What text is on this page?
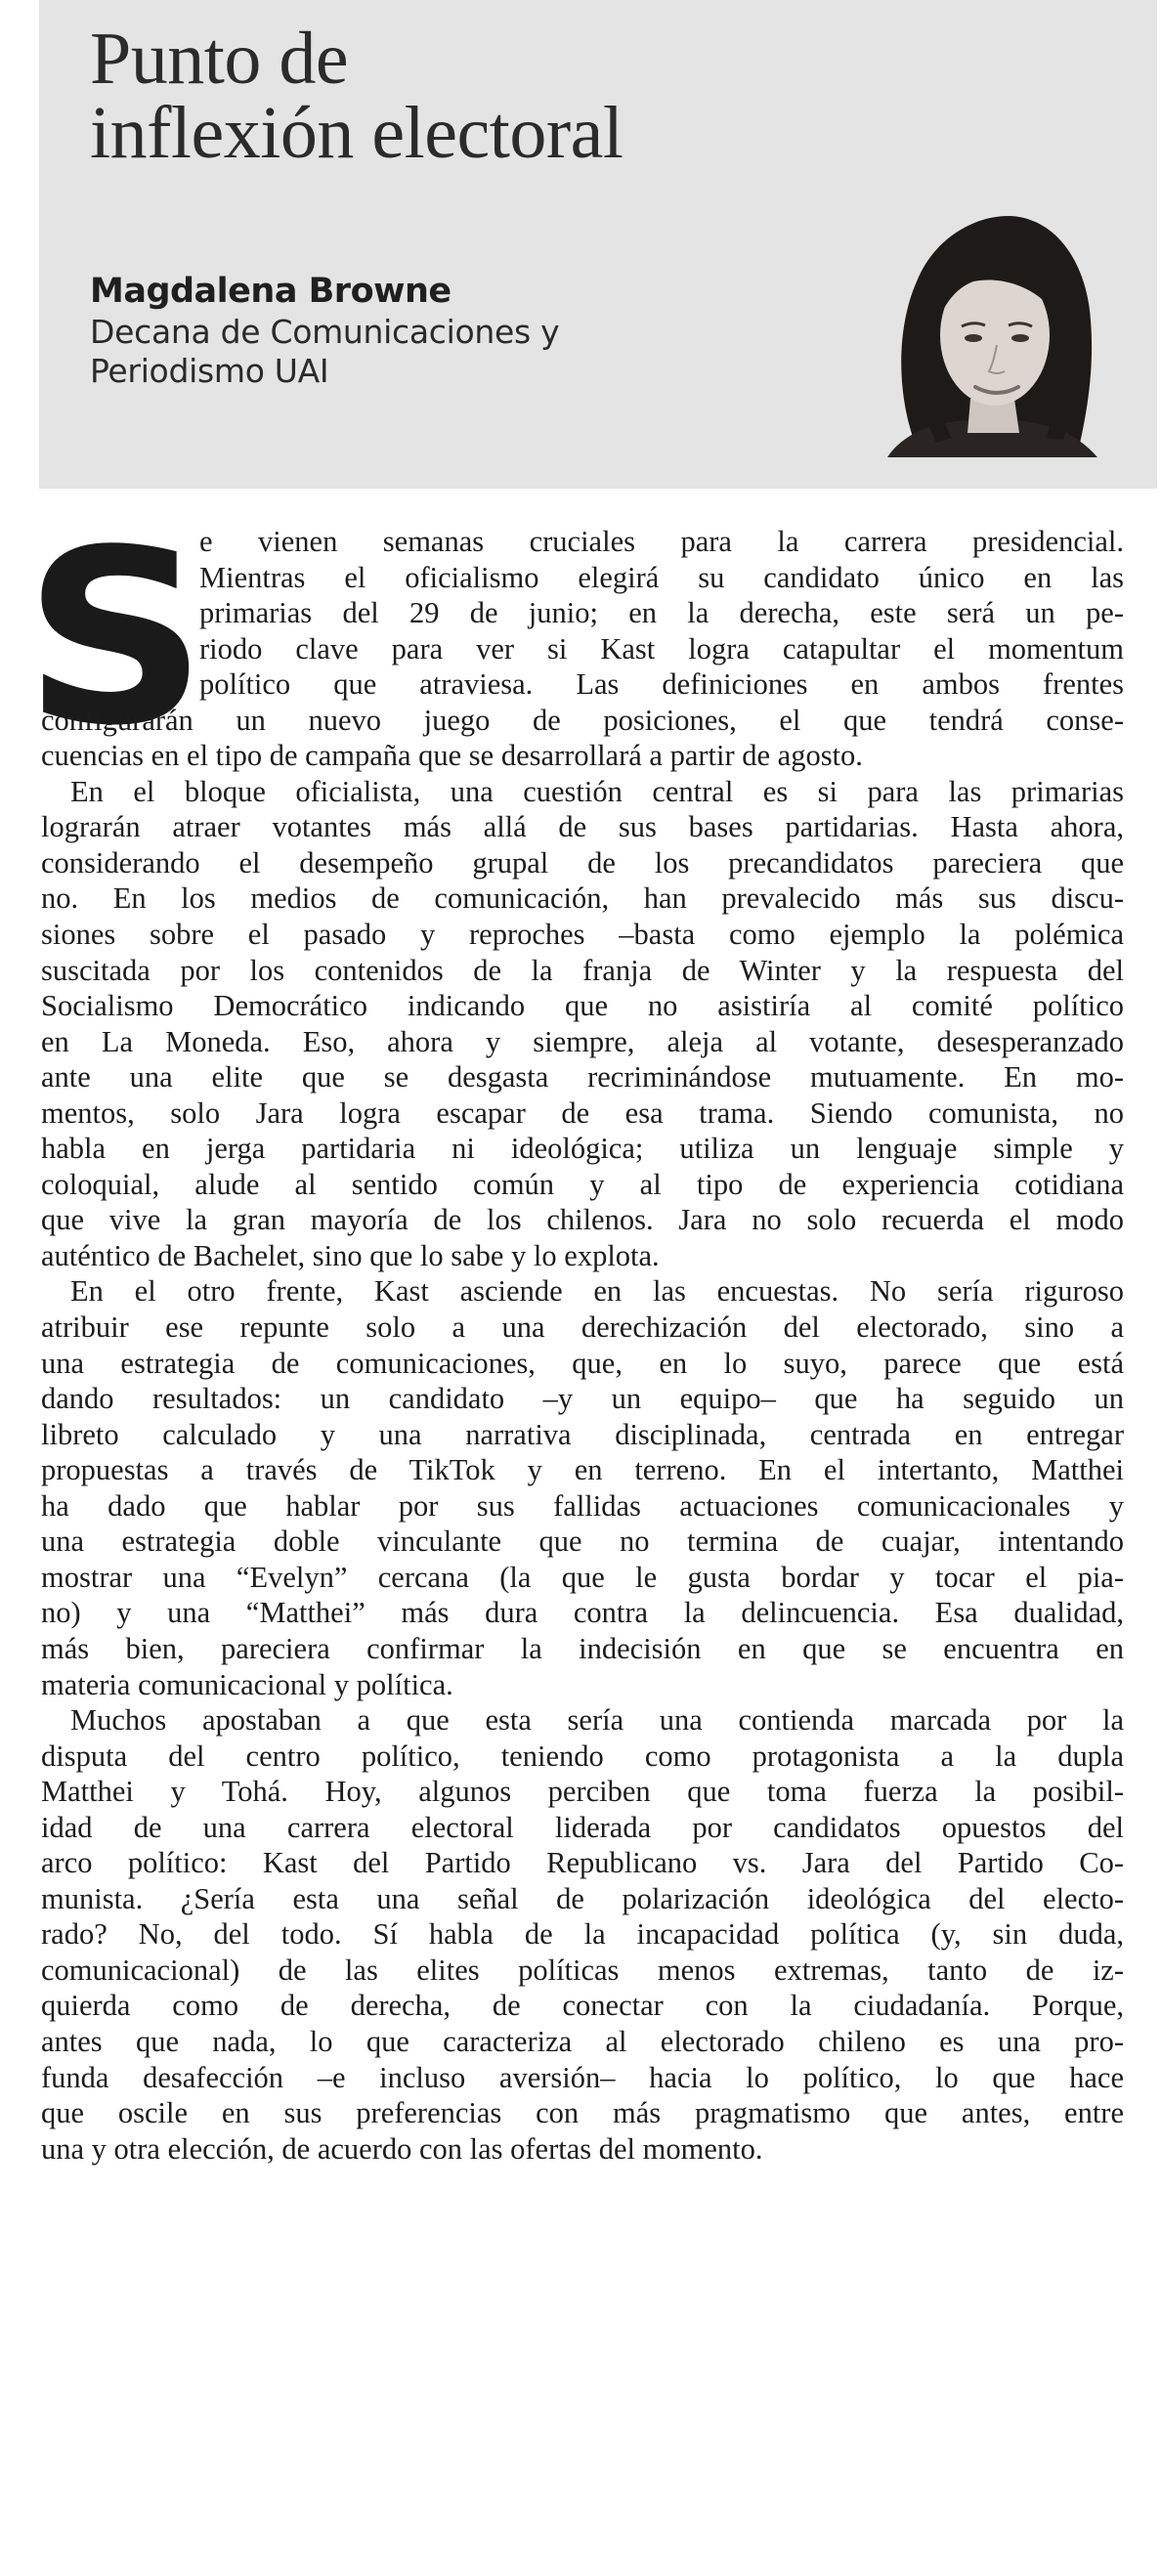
Punto de
inflexión electoral
Magdalena Browne
Decana de Comunicaciones y
Periodismo UAI
S
e vienen semanas cruciales para la carrera presidencial.
Mientras el oficialismo elegirá su candidato único en las
primarias del 29 de junio; en la derecha, este será un pe-
riodo clave para ver si Kast logra catapultar el momentum
político que atraviesa. Las definiciones en ambos frentes
configurarán un nuevo juego de posiciones, el que tendrá conse-
cuencias en el tipo de campaña que se desarrollará a partir de agosto.
En el bloque oficialista, una cuestión central es si para las primarias
lograrán atraer votantes más allá de sus bases partidarias. Hasta ahora,
considerando el desempeño grupal de los precandidatos pareciera que
no. En los medios de comunicación, han prevalecido más sus discu-
siones sobre el pasado y reproches –basta como ejemplo la polémica
suscitada por los contenidos de la franja de Winter y la respuesta del
Socialismo Democrático indicando que no asistiría al comité político
en La Moneda. Eso, ahora y siempre, aleja al votante, desesperanzado
ante una elite que se desgasta recriminándose mutuamente. En mo-
mentos, solo Jara logra escapar de esa trama. Siendo comunista, no
habla en jerga partidaria ni ideológica; utiliza un lenguaje simple y
coloquial, alude al sentido común y al tipo de experiencia cotidiana
que vive la gran mayoría de los chilenos. Jara no solo recuerda el modo
auténtico de Bachelet, sino que lo sabe y lo explota.
En el otro frente, Kast asciende en las encuestas. No sería riguroso
atribuir ese repunte solo a una derechización del electorado, sino a
una estrategia de comunicaciones, que, en lo suyo, parece que está
dando resultados: un candidato –y un equipo– que ha seguido un
libreto calculado y una narrativa disciplinada, centrada en entregar
propuestas a través de TikTok y en terreno. En el intertanto, Matthei
ha dado que hablar por sus fallidas actuaciones comunicacionales y
una estrategia doble vinculante que no termina de cuajar, intentando
mostrar una “Evelyn” cercana (la que le gusta bordar y tocar el pia-
no) y una “Matthei” más dura contra la delincuencia. Esa dualidad,
más bien, pareciera confirmar la indecisión en que se encuentra en
materia comunicacional y política.
Muchos apostaban a que esta sería una contienda marcada por la
disputa del centro político, teniendo como protagonista a la dupla
Matthei y Tohá. Hoy, algunos perciben que toma fuerza la posibil-
idad de una carrera electoral liderada por candidatos opuestos del
arco político: Kast del Partido Republicano vs. Jara del Partido Co-
munista. ¿Sería esta una señal de polarización ideológica del electo-
rado? No, del todo. Sí habla de la incapacidad política (y, sin duda,
comunicacional) de las elites políticas menos extremas, tanto de iz-
quierda como de derecha, de conectar con la ciudadanía. Porque,
antes que nada, lo que caracteriza al electorado chileno es una pro-
funda desafección –e incluso aversión– hacia lo político, lo que hace
que oscile en sus preferencias con más pragmatismo que antes, entre
una y otra elección, de acuerdo con las ofertas del momento.
